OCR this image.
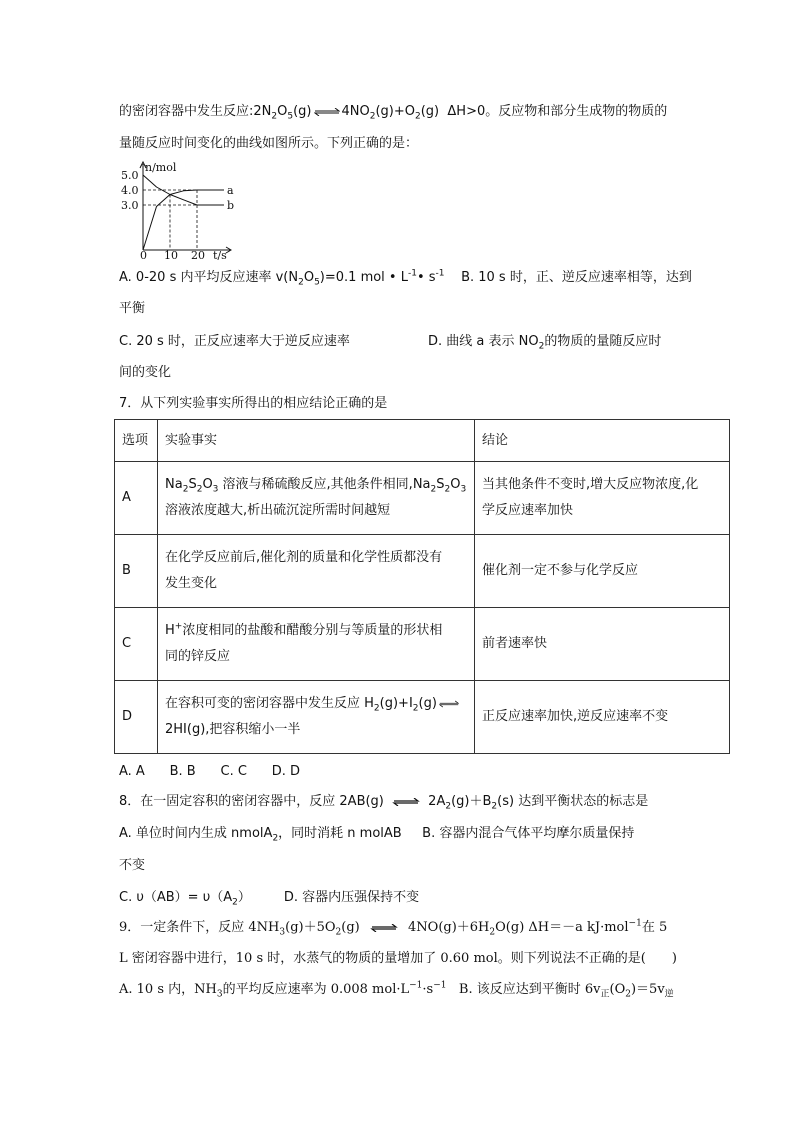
的密闭容器中发生反应$:2N_2O_5(g)$ ⇌ $4NO_2(g)+O_2(g)$ ΔH>0。反应物和部分生成物的物质的
量随反应时间变化的曲线如图所示。下列正确的是：
n/mol
t/s
5.0
4.0
3.0
0 10 20
a
b
A. 0-20 s 内平均反应速率 $v(N_2O_5)=0.1$ mol • $L^{-1}•$ $s^{-1}$ B. 10 s 时，正、逆反应速率相等，达到
平衡
C. 20 s 时，正反应速率大于逆反应速率	D. 曲线 a 表示 $NO_2$的物质的量随反应时
间的变化
7．从下列实验事实所得出的相应结论正确的是
选项	实验事实	结论
A	$Na_2S_2O_3$ 溶液与稀硫酸反应,其他条件相同$,Na_2S_2O_3$
溶液浓度越大,析出硫沉淀所需时间越短	当其他条件不变时,增大反应物浓度,化
学反应速率加快
B	在化学反应前后,催化剂的质量和化学性质都没有
发生变化	催化剂一定不参与化学反应
C	H+浓度相同的盐酸和醋酸分别与等质量的形状相
同的锌反应	前者速率快
D	在容积可变的密闭容器中发生反应 $H_2(g)+I_2(g)$ ⇌
2HI(g),把容积缩小一半	正反应速率加快,逆反应速率不变
A. A      B. B      C. C      D. D
8．在一固定容积的密闭容器中，反应 2AB(g) ⇌ $2A_2(g)+B_2(s)$ 达到平衡状态的标志是
A. 单位时间内生成 nmolA$_2$，同时消耗 n molAB B. 容器内混合气体平均摩尔质量保持
不变
C. $\upsilon(AB)= \upsilon(A_2)$	D. 容器内压强保持不变
9．一定条件下，反应 $4NH_3(g)+5O_2(g)$ ⇌ $4NO(g)+6H_2O(g)$ ΔH＝－a kJ·mol$^{-1}$在 5
L 密闭容器中进行，10 s 时，水蒸气的物质的量增加了 0.60 mol。则下列说法不正确的是(　　)
A. 10 s 内，$NH_3$的平均反应速率为 0.008 $mol\cdot L^{-1}\cdot s^{-1}$ B. 该反应达到平衡时 $6v_正(O_2)=5v_逆$
